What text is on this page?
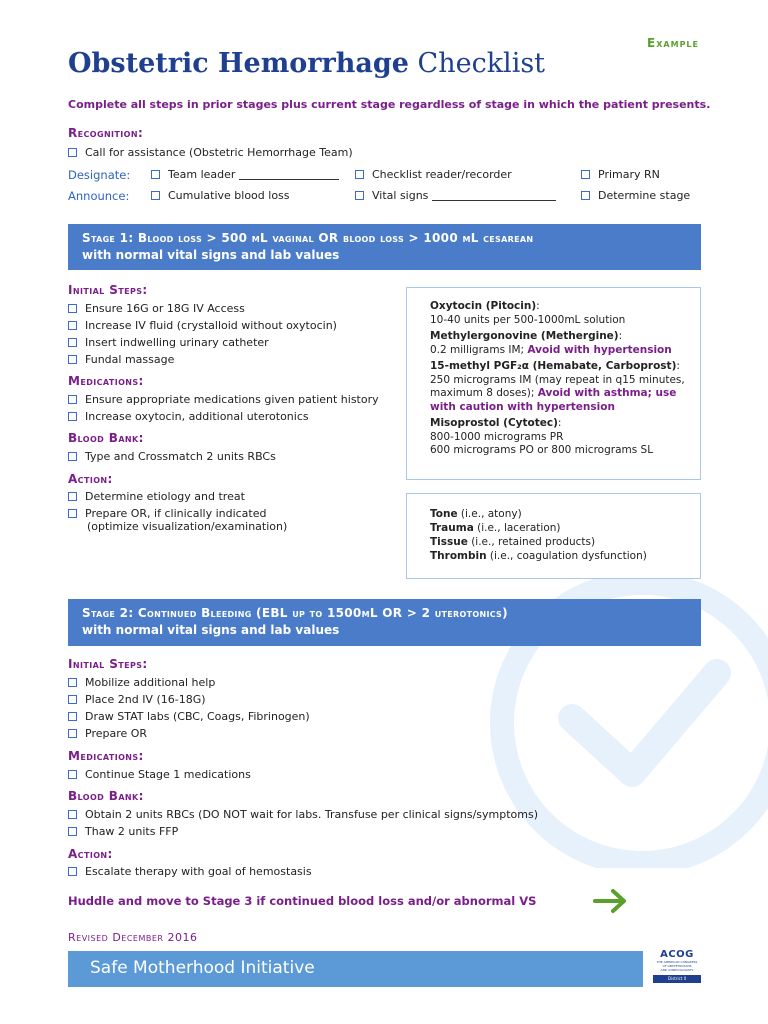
Example
Obstetric Hemorrhage Checklist
Complete all steps in prior stages plus current stage regardless of stage in which the patient presents.
Recognition:
Call for assistance (Obstetric Hemorrhage Team)
Designate:	Team leader	Checklist reader/recorder	Primary RN
Announce:	Cumulative blood loss	Vital signs	Determine stage
Stage 1: Blood loss > 500 mL vaginal OR blood loss > 1000 mL cesarean
with normal vital signs and lab values
Initial Steps:
Ensure 16G or 18G IV Access
Increase IV fluid (crystalloid without oxytocin)
Insert indwelling urinary catheter
Fundal massage
Medications:
Ensure appropriate medications given patient history
Increase oxytocin, additional uterotonics
Blood Bank:
Type and Crossmatch 2 units RBCs
Action:
Determine etiology and treat
Prepare OR, if clinically indicated
(optimize visualization/examination)
Oxytocin (Pitocin):
10-40 units per 500-1000mL solution
Methylergonovine (Methergine):
0.2 milligrams IM; Avoid with hypertension
15-methyl PGF₂α (Hemabate, Carboprost):
250 micrograms IM (may repeat in q15 minutes,
maximum 8 doses); Avoid with asthma; use
with caution with hypertension
Misoprostol (Cytotec):
800-1000 micrograms PR
600 micrograms PO or 800 micrograms SL
Tone (i.e., atony)
Trauma (i.e., laceration)
Tissue (i.e., retained products)
Thrombin (i.e., coagulation dysfunction)
Stage 2: Continued Bleeding (EBL up to 1500mL OR > 2 uterotonics)
with normal vital signs and lab values
Initial Steps:
Mobilize additional help
Place 2nd IV (16-18G)
Draw STAT labs (CBC, Coags, Fibrinogen)
Prepare OR
Medications:
Continue Stage 1 medications
Blood Bank:
Obtain 2 units RBCs (DO NOT wait for labs. Transfuse per clinical signs/symptoms)
Thaw 2 units FFP
Action:
Escalate therapy with goal of hemostasis
Huddle and move to Stage 3 if continued blood loss and/or abnormal VS
Revised December 2016
Safe Motherhood Initiative
ACOG
THE AMERICAN CONGRESS
OF OBSTETRICIANS
AND GYNECOLOGISTS
District II
